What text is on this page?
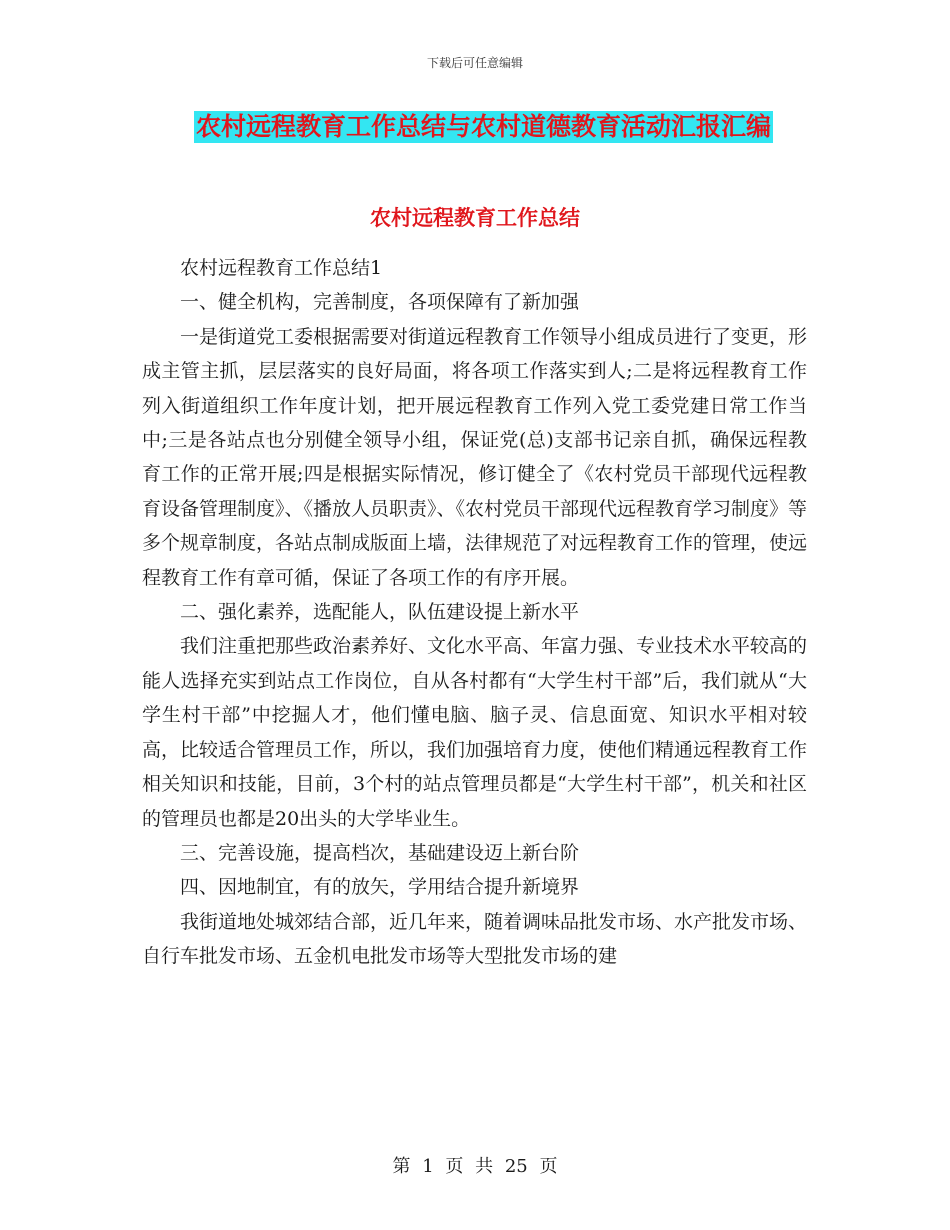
下载后可任意编辑
农村远程教育工作总结与农村道德教育活动汇报汇编
农村远程教育工作总结

农村远程教育工作总结1

一、健全机构，完善制度，各项保障有了新加强

一是街道党工委根据需要对街道远程教育工作领导小组成员进行了变更，形成主管主抓，层层落实的良好局面，将各项工作落实到人;二是将远程教育工作列入街道组织工作年度计划，把开展远程教育工作列入党工委党建日常工作当中;三是各站点也分别健全领导小组，保证党(总)支部书记亲自抓，确保远程教育工作的正常开展;四是根据实际情况，修订健全了《农村党员干部现代远程教育设备管理制度》、《播放人员职责》、《农村党员干部现代远程教育学习制度》等多个规章制度，各站点制成版面上墙，法律规范了对远程教育工作的管理，使远程教育工作有章可循，保证了各项工作的有序开展。

二、强化素养，选配能人，队伍建设提上新水平

我们注重把那些政治素养好、文化水平高、年富力强、专业技术水平较高的能人选择充实到站点工作岗位，自从各村都有“大学生村干部”后，我们就从“大学生村干部”中挖掘人才，他们懂电脑、脑子灵、信息面宽、知识水平相对较高，比较适合管理员工作，所以，我们加强培育力度，使他们精通远程教育工作相关知识和技能，目前，3个村的站点管理员都是“大学生村干部”，机关和社区的管理员也都是20出头的大学毕业生。

三、完善设施，提高档次，基础建设迈上新台阶

四、因地制宜，有的放矢，学用结合提升新境界

我街道地处城郊结合部，近几年来，随着调味品批发市场、水产批发市场、自行车批发市场、五金机电批发市场等大型批发市场的建

第 1 页 共 25 页
